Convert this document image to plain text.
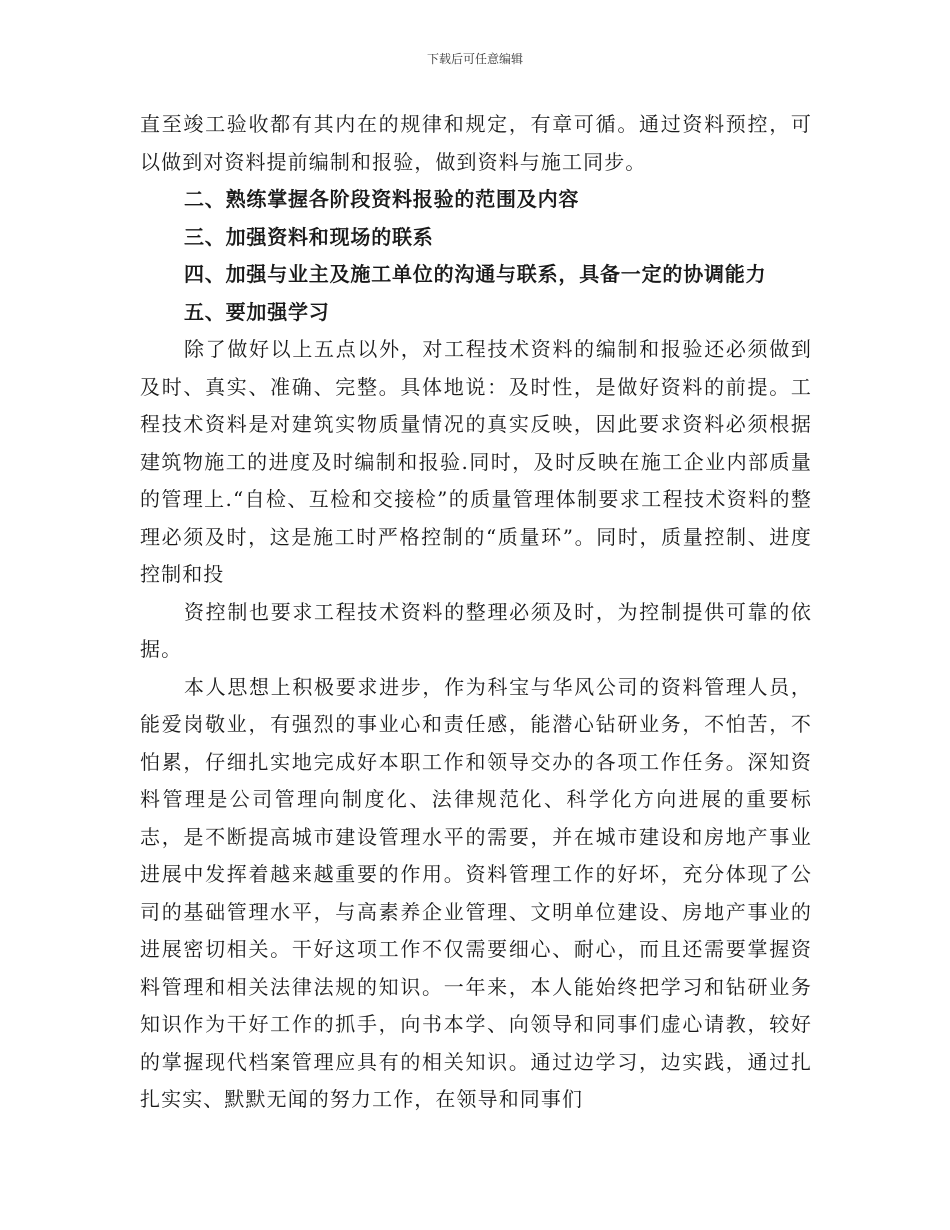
下载后可任意编辑

直至竣工验收都有其内在的规律和规定，有章可循。通过资料预控，可以做到对资料提前编制和报验，做到资料与施工同步。

二、熟练掌握各阶段资料报验的范围及内容

三、加强资料和现场的联系

四、加强与业主及施工单位的沟通与联系，具备一定的协调能力

五、要加强学习

除了做好以上五点以外，对工程技术资料的编制和报验还必须做到及时、真实、准确、完整。具体地说：及时性，是做好资料的前提。工程技术资料是对建筑实物质量情况的真实反映，因此要求资料必须根据建筑物施工的进度及时编制和报验.同时，及时反映在施工企业内部质量的管理上.“自检、互检和交接检”的质量管理体制要求工程技术资料的整理必须及时，这是施工时严格控制的“质量环”。同时，质量控制、进度控制和投

资控制也要求工程技术资料的整理必须及时，为控制提供可靠的依据。

本人思想上积极要求进步，作为科宝与华风公司的资料管理人员，能爱岗敬业，有强烈的事业心和责任感，能潜心钻研业务，不怕苦，不怕累，仔细扎实地完成好本职工作和领导交办的各项工作任务。深知资料管理是公司管理向制度化、法律规范化、科学化方向进展的重要标志，是不断提高城市建设管理水平的需要，并在城市建设和房地产事业进展中发挥着越来越重要的作用。资料管理工作的好坏，充分体现了公司的基础管理水平，与高素养企业管理、文明单位建设、房地产事业的进展密切相关。干好这项工作不仅需要细心、耐心，而且还需要掌握资料管理和相关法律法规的知识。一年来，本人能始终把学习和钻研业务知识作为干好工作的抓手，向书本学、向领导和同事们虚心请教，较好的掌握现代档案管理应具有的相关知识。通过边学习，边实践，通过扎扎实实、默默无闻的努力工作，在领导和同事们
